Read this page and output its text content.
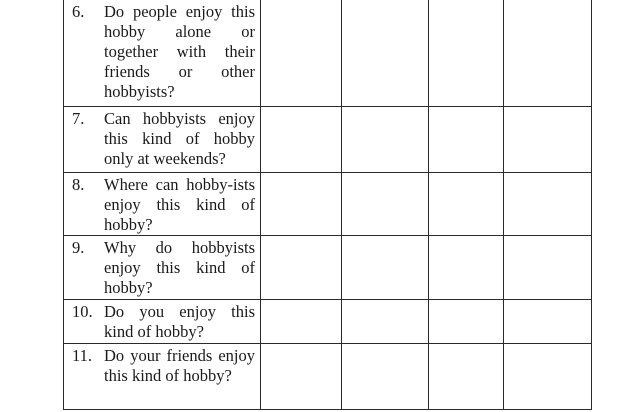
6. Do people enjoy this hobby alone or together with their friends or other hobbyists?				

7. Can hobbyists enjoy this kind of hobby only at weekends?				

8. Where can hobby-ists enjoy this kind of hobby?				

9. Why do hobbyists enjoy this kind of hobby?				

10. Do you enjoy this kind of hobby?				

11. Do your friends enjoy this kind of hobby?				
